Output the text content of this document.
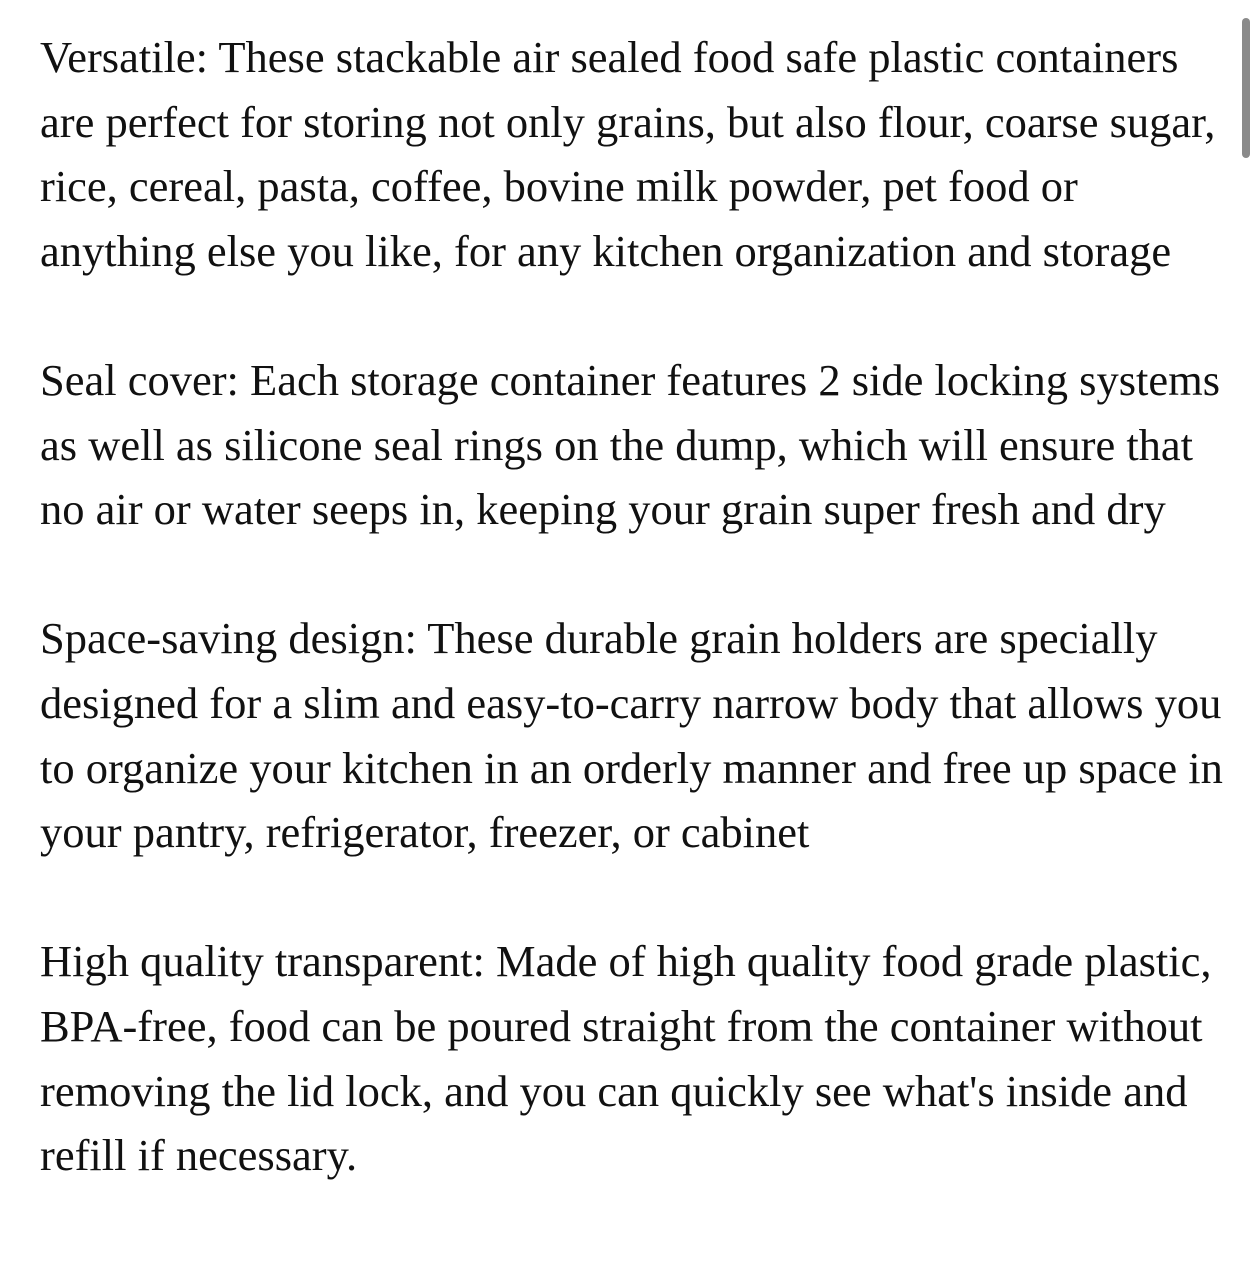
Versatile: These stackable air sealed food safe plastic containers are perfect for storing not only grains, but also flour, coarse sugar, rice, cereal, pasta, coffee, bovine milk powder, pet food or anything else you like, for any kitchen organization and storage

Seal cover: Each storage container features 2 side locking systems as well as silicone seal rings on the dump, which will ensure that no air or water seeps in, keeping your grain super fresh and dry

Space-saving design: These durable grain holders are specially designed for a slim and easy-to-carry narrow body that allows you to organize your kitchen in an orderly manner and free up space in your pantry, refrigerator, freezer, or cabinet

High quality transparent: Made of high quality food grade plastic, BPA-free, food can be poured straight from the container without removing the lid lock, and you can quickly see what's inside and refill if necessary.
